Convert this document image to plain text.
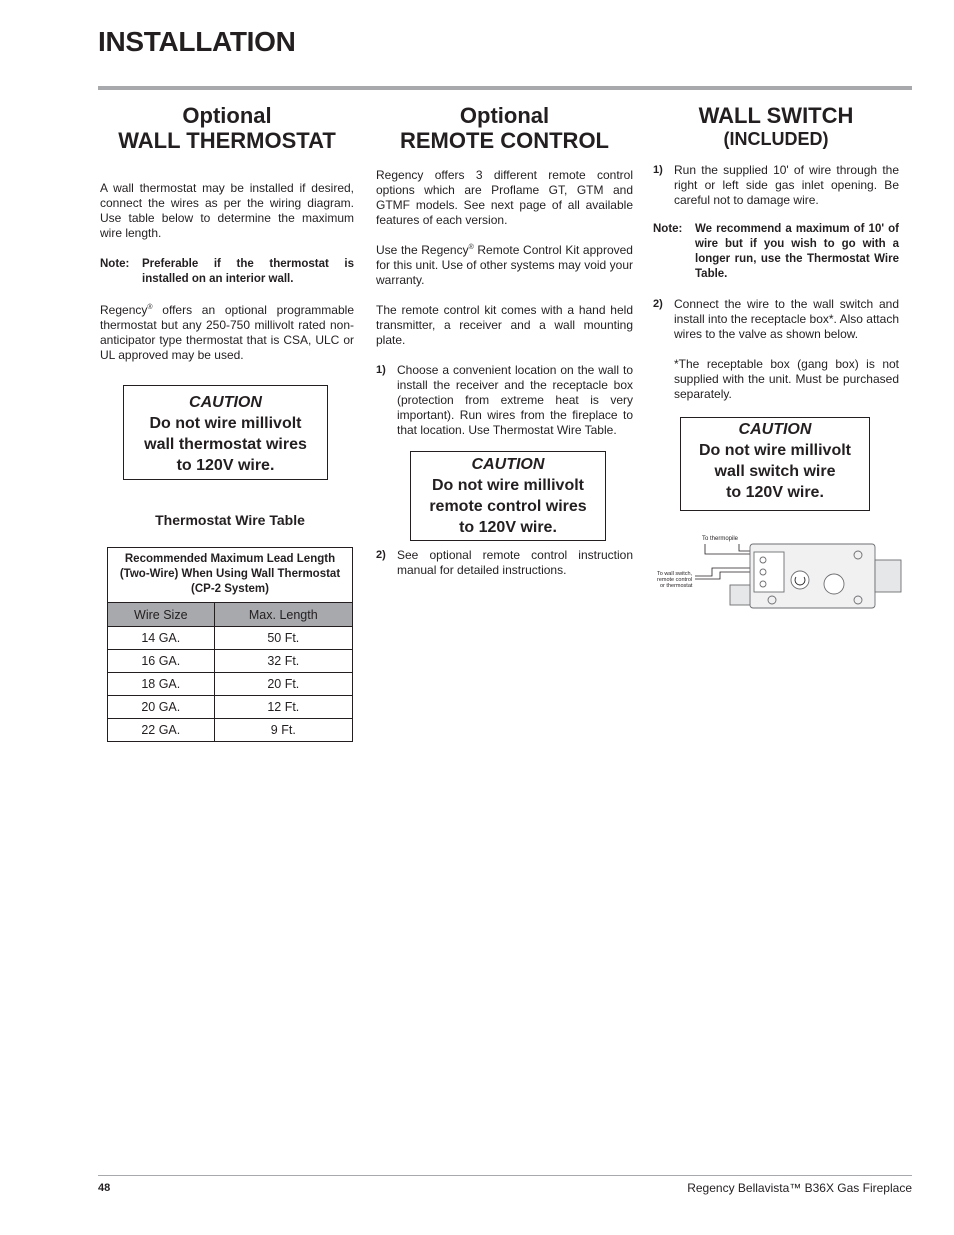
INSTALLATION
Optional
WALL THERMOSTAT

A wall thermostat may be installed if desired, connect the wires as per the wiring diagram. Use table below to determine the maximum wire length.

Note:	Preferable if the thermostat is installed on an interior wall.

Regency® offers an optional programmable thermostat but any 250-750 millivolt rated non-anticipator type thermostat that is CSA, ULC or UL approved may be used.

CAUTION
Do not wire millivolt
wall thermostat wires
to 120V wire.
Thermostat Wire Table
Recommended Maximum Lead Length (Two-Wire) When Using Wall Thermostat (CP-2 System)	
Wire Size	Max. Length
14 GA.	50 Ft.
16 GA.	32 Ft.
18 GA.	20 Ft.
20 GA.	12 Ft.
22 GA.	9 Ft.
Optional
REMOTE CONTROL

Regency offers 3 different remote control options which are Proflame GT, GTM and GTMF models. See next page of all available features of each version.

Use the Regency® Remote Control Kit approved for this unit. Use of other systems may void your warranty.

The remote control kit comes with a hand held transmitter, a receiver and a wall mounting plate.

1) Choose a convenient location on the wall to install the receiver and the receptacle box (protection from extreme heat is very important). Run wires from the fireplace to that location. Use Thermostat Wire Table.
CAUTION
Do not wire millivolt
remote control wires
to 120V wire.
2) See optional remote control instruction manual for detailed instructions.
WALL SWITCH
(INCLUDED)
1) Run the supplied 10' of wire through the right or left side gas inlet opening. Be careful not to damage wire.
Note:	We recommend a maximum of 10' of wire but if you wish to go with a longer run, use the Thermostat Wire Table.
2) Connect the wire to the wall switch and install into the receptacle box*. Also attach wires to the valve as shown below.
*The receptable box (gang box) is not supplied with the unit. Must be purchased separately.
CAUTION
Do not wire millivolt
wall switch wire
to 120V wire.
To thermopile
To wall switch,
remote control
or thermostat
48	Regency Bellavista™ B36X Gas Fireplace
